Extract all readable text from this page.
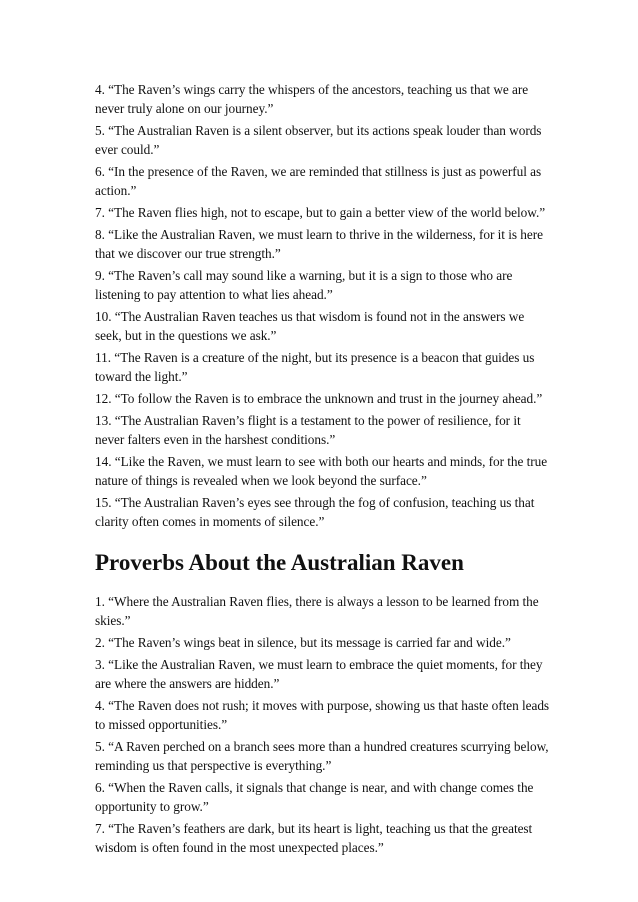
4. “The Raven’s wings carry the whispers of the ancestors, teaching us that we are never truly alone on our journey.”

5. “The Australian Raven is a silent observer, but its actions speak louder than words ever could.”

6. “In the presence of the Raven, we are reminded that stillness is just as powerful as action.”

7. “The Raven flies high, not to escape, but to gain a better view of the world below.”

8. “Like the Australian Raven, we must learn to thrive in the wilderness, for it is here that we discover our true strength.”

9. “The Raven’s call may sound like a warning, but it is a sign to those who are listening to pay attention to what lies ahead.”

10. “The Australian Raven teaches us that wisdom is found not in the answers we seek, but in the questions we ask.”

11. “The Raven is a creature of the night, but its presence is a beacon that guides us toward the light.”

12. “To follow the Raven is to embrace the unknown and trust in the journey ahead.”

13. “The Australian Raven’s flight is a testament to the power of resilience, for it never falters even in the harshest conditions.”

14. “Like the Raven, we must learn to see with both our hearts and minds, for the true nature of things is revealed when we look beyond the surface.”

15. “The Australian Raven’s eyes see through the fog of confusion, teaching us that clarity often comes in moments of silence.”

Proverbs About the Australian Raven

1. “Where the Australian Raven flies, there is always a lesson to be learned from the skies.”

2. “The Raven’s wings beat in silence, but its message is carried far and wide.”

3. “Like the Australian Raven, we must learn to embrace the quiet moments, for they are where the answers are hidden.”

4. “The Raven does not rush; it moves with purpose, showing us that haste often leads to missed opportunities.”

5. “A Raven perched on a branch sees more than a hundred creatures scurrying below, reminding us that perspective is everything.”

6. “When the Raven calls, it signals that change is near, and with change comes the opportunity to grow.”

7. “The Raven’s feathers are dark, but its heart is light, teaching us that the greatest wisdom is often found in the most unexpected places.”
